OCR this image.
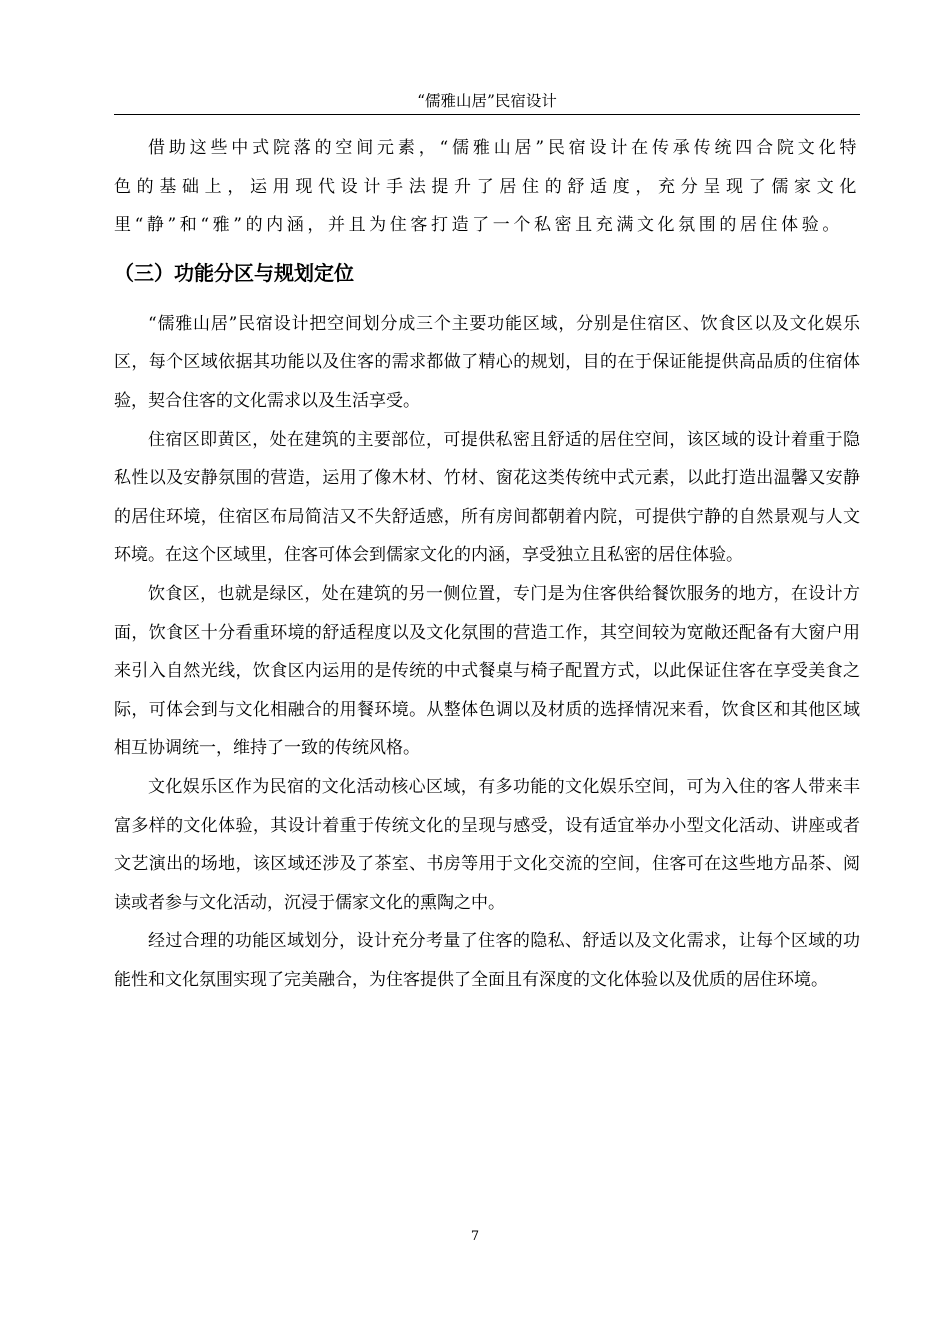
“儒雅山居”民宿设计

借助这些中式院落的空间元素，“儒雅山居”民宿设计在传承传统四合院文化特色的基础上，运用现代设计手法提升了居住的舒适度，充分呈现了儒家文化里“静”和“雅”的内涵，并且为住客打造了一个私密且充满文化氛围的居住体验。

（三）功能分区与规划定位

“儒雅山居”民宿设计把空间划分成三个主要功能区域，分别是住宿区、饮食区以及文化娱乐区，每个区域依据其功能以及住客的需求都做了精心的规划，目的在于保证能提供高品质的住宿体验，契合住客的文化需求以及生活享受。

住宿区即黄区，处在建筑的主要部位，可提供私密且舒适的居住空间，该区域的设计着重于隐私性以及安静氛围的营造，运用了像木材、竹材、窗花这类传统中式元素，以此打造出温馨又安静的居住环境，住宿区布局简洁又不失舒适感，所有房间都朝着内院，可提供宁静的自然景观与人文环境。在这个区域里，住客可体会到儒家文化的内涵，享受独立且私密的居住体验。

饮食区，也就是绿区，处在建筑的另一侧位置，专门是为住客供给餐饮服务的地方，在设计方面，饮食区十分看重环境的舒适程度以及文化氛围的营造工作，其空间较为宽敞还配备有大窗户用来引入自然光线，饮食区内运用的是传统的中式餐桌与椅子配置方式，以此保证住客在享受美食之际，可体会到与文化相融合的用餐环境。从整体色调以及材质的选择情况来看，饮食区和其他区域相互协调统一，维持了一致的传统风格。

文化娱乐区作为民宿的文化活动核心区域，有多功能的文化娱乐空间，可为入住的客人带来丰富多样的文化体验，其设计着重于传统文化的呈现与感受，设有适宜举办小型文化活动、讲座或者文艺演出的场地，该区域还涉及了茶室、书房等用于文化交流的空间，住客可在这些地方品茶、阅读或者参与文化活动，沉浸于儒家文化的熏陶之中。

经过合理的功能区域划分，设计充分考量了住客的隐私、舒适以及文化需求，让每个区域的功能性和文化氛围实现了完美融合，为住客提供了全面且有深度的文化体验以及优质的居住环境。

7
